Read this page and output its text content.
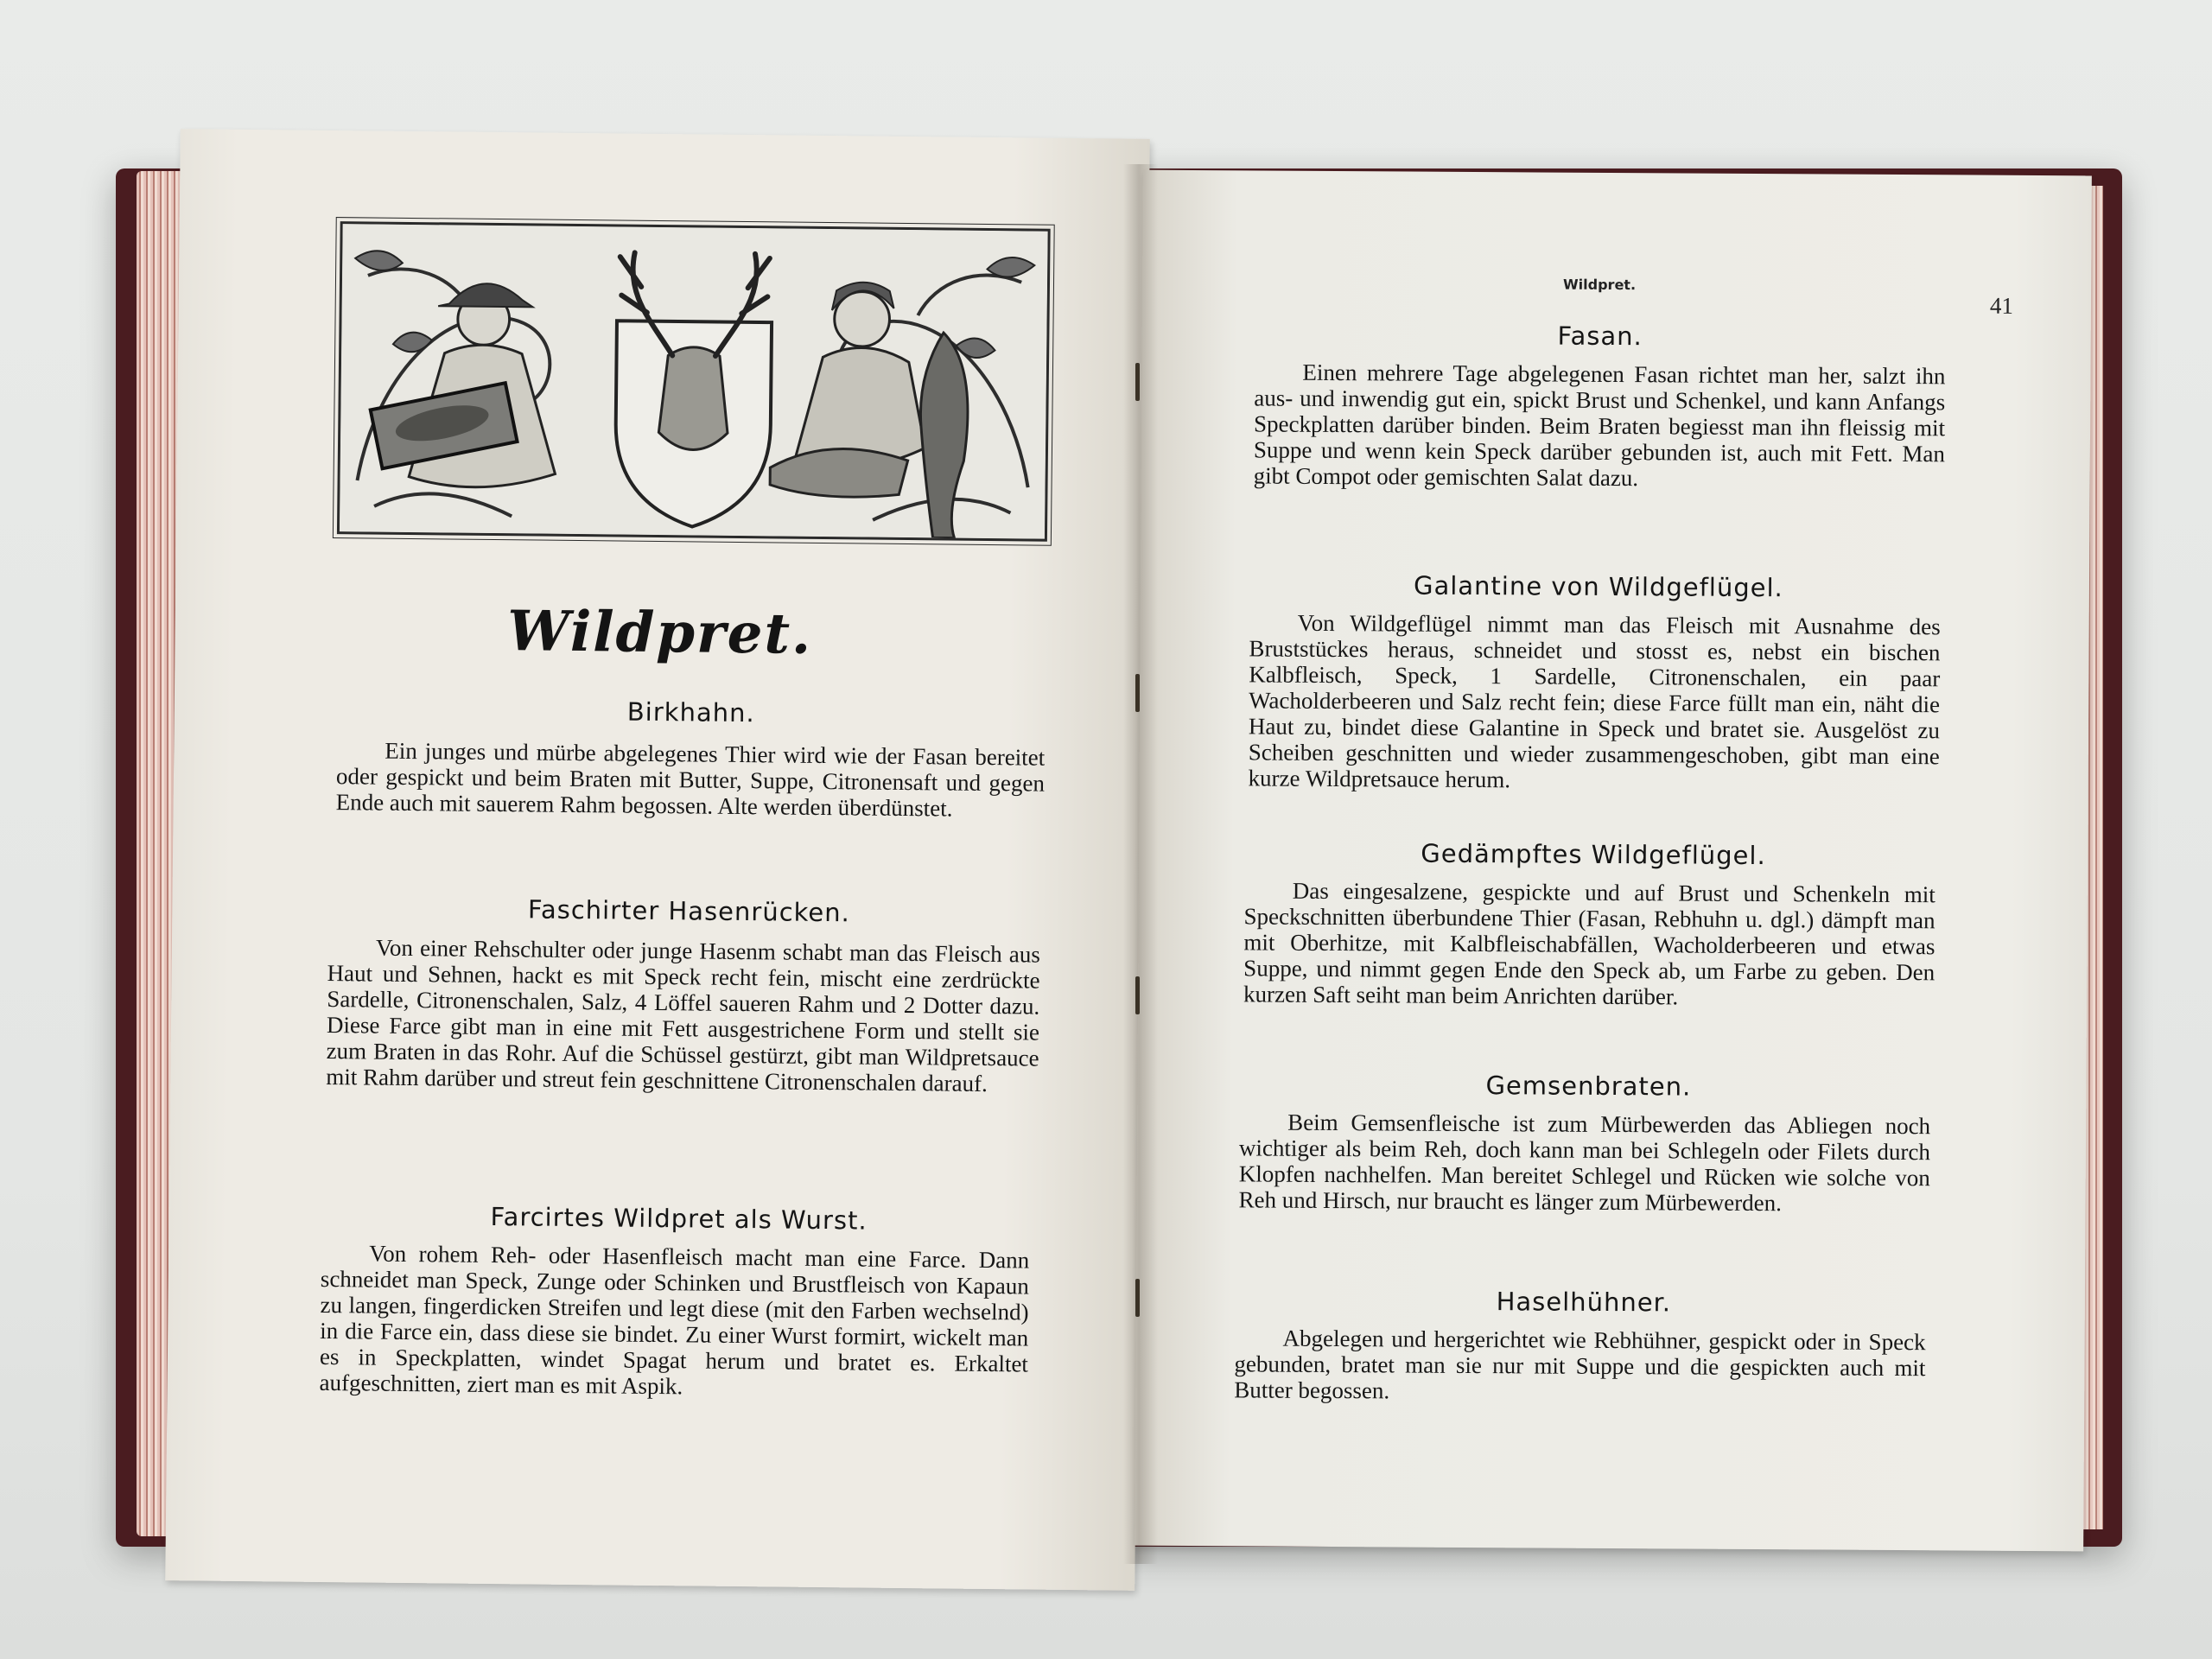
Wildpret.
Birkhahn.
Ein junges und mürbe abgelegenes Thier wird wie der Fasan bereitet oder gespickt und beim Braten mit Butter, Suppe, Citronensaft und gegen Ende auch mit sauerem Rahm begossen. Alte werden überdünstet.
Faschirter Hasenrücken.
Von einer Rehschulter oder junge Hasenm schabt man das Fleisch aus Haut und Sehnen, hackt es mit Speck recht fein, mischt eine zerdrückte Sardelle, Citronenschalen, Salz, 4 Löffel saueren Rahm und 2 Dotter dazu. Diese Farce gibt man in eine mit Fett ausgestrichene Form und stellt sie zum Braten in das Rohr. Auf die Schüssel gestürzt, gibt man Wildpretsauce mit Rahm darüber und streut fein geschnittene Citronenschalen darauf.
Farcirtes Wildpret als Wurst.
Von rohem Reh- oder Hasenfleisch macht man eine Farce. Dann schneidet man Speck, Zunge oder Schinken und Brustfleisch von Kapaun zu langen, fingerdicken Streifen und legt diese (mit den Farben wechselnd) in die Farce ein, dass diese sie bindet. Zu einer Wurst formirt, wickelt man es in Speckplatten, windet Spagat herum und bratet es. Erkaltet aufgeschnitten, ziert man es mit Aspik.
Wildpret.
41
Fasan.
Einen mehrere Tage abgelegenen Fasan richtet man her, salzt ihn aus- und inwendig gut ein, spickt Brust und Schenkel, und kann Anfangs Speckplatten darüber binden. Beim Braten begiesst man ihn fleissig mit Suppe und wenn kein Speck darüber gebunden ist, auch mit Fett. Man gibt Compot oder gemischten Salat dazu.
Galantine von Wildgeflügel.
Von Wildgeflügel nimmt man das Fleisch mit Ausnahme des Bruststückes heraus, schneidet und stosst es, nebst ein bischen Kalbfleisch, Speck, 1 Sardelle, Citronenschalen, ein paar Wacholderbeeren und Salz recht fein; diese Farce füllt man ein, näht die Haut zu, bindet diese Galantine in Speck und bratet sie. Ausgelöst zu Scheiben geschnitten und wieder zusammengeschoben, gibt man eine kurze Wildpretsauce herum.
Gedämpftes Wildgeflügel.
Das eingesalzene, gespickte und auf Brust und Schenkeln mit Speckschnitten überbundene Thier (Fasan, Rebhuhn u. dgl.) dämpft man mit Oberhitze, mit Kalbfleischabfällen, Wacholderbeeren und etwas Suppe, und nimmt gegen Ende den Speck ab, um Farbe zu geben. Den kurzen Saft seiht man beim Anrichten darüber.
Gemsenbraten.
Beim Gemsenfleische ist zum Mürbewerden das Abliegen noch wichtiger als beim Reh, doch kann man bei Schlegeln oder Filets durch Klopfen nachhelfen. Man bereitet Schlegel und Rücken wie solche von Reh und Hirsch, nur braucht es länger zum Mürbewerden.
Haselhühner.
Abgelegen und hergerichtet wie Rebhühner, gespickt oder in Speck gebunden, bratet man sie nur mit Suppe und die gespickten auch mit Butter begossen.
